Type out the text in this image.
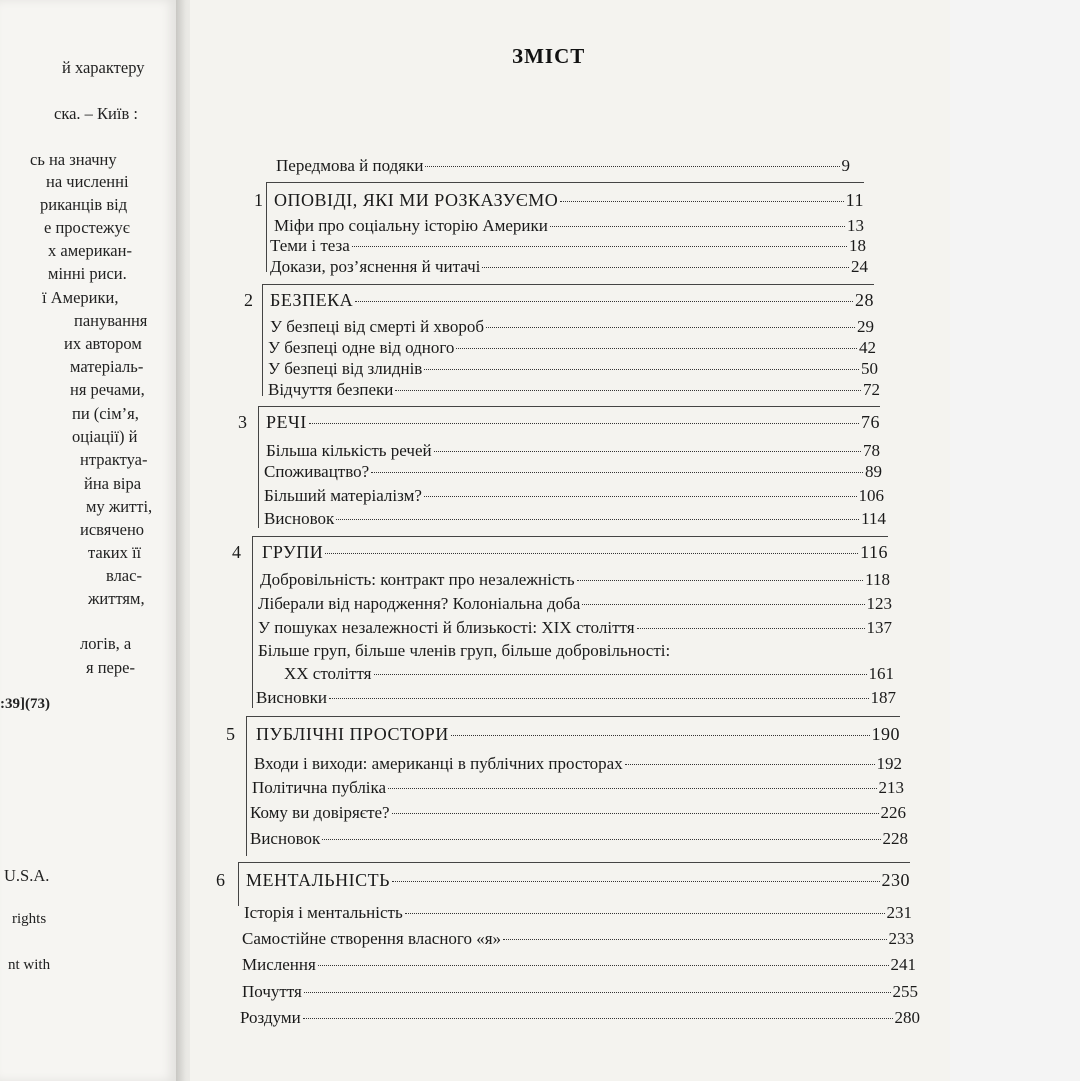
й характеру
ска. – Київ :
сь на значну
на численні
риканців від
е простежує
х американ-
мінні риси.
ї Америки,
панування
их автором
матеріаль-
ня речами,
пи (сім’я,
оціації) й
нтрактуа-
йна віра
му житті,
исвячено
таких її
влас-
життям,
логів, а
я пере-
:39](73)
U.S.A.
rights
nt with
ЗМІСТ
Передмова й подяки	9
1 ОПОВІДІ, ЯКІ МИ РОЗКАЗУЄМО	11
Міфи про соціальну історію Америки	13
Теми і теза	18
Докази, роз’яснення й читачі	24
2 БЕЗПЕКА	28
У безпеці від смерті й хвороб	29
У безпеці одне від одного	42
У безпеці від злиднів	50
Відчуття безпеки	72
3	РЕЧІ	76
Більша кількість речей	78
Споживацтво?	89
Більший матеріалізм?	106
Висновок	114
4	ГРУПИ	116
Добровільність: контракт про незалежність	118
Ліберали від народження? Колоніальна доба	123
У пошуках незалежності й близькості: XIX століття	137
Більше груп, більше членів груп, більше добровільності:
XX століття	161
Висновки	187
5	ПУБЛІЧНІ ПРОСТОРИ	190
Входи і виходи: американці в публічних просторах	192
Політична публіка	213
Кому ви довіряєте?	226
Висновок	228
6	МЕНТАЛЬНІСТЬ	230
Історія і ментальність	231
Самостійне створення власного «я»	233
Мислення	241
Почуття	255
Роздуми	280
